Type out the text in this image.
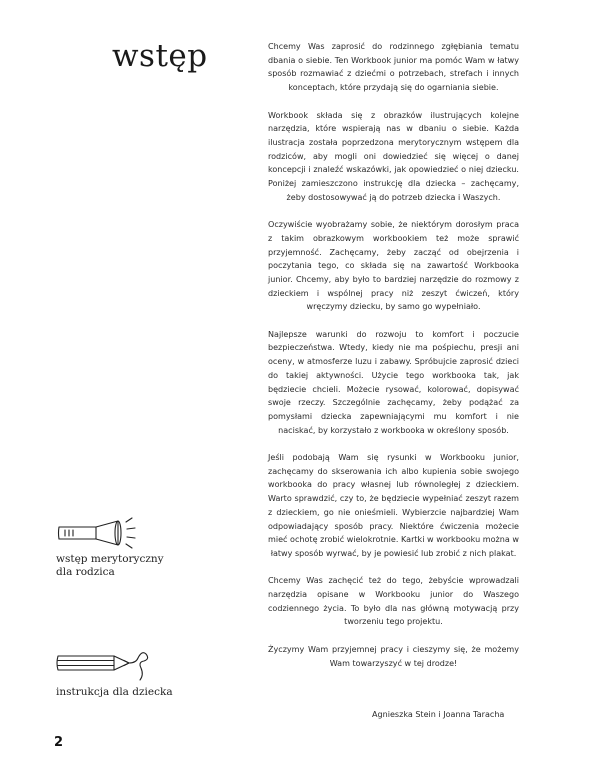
wstęp
wstęp merytoryczny
dla rodzica
instrukcja dla dziecka
2

Chcemy Was zaprosić do rodzinnego zgłębiania tematu dbania o siebie. Ten Workbook junior ma pomóc Wam w łatwy sposób rozmawiać z dziećmi o potrzebach, strefach i innych konceptach, które przydają się do ogarniania siebie.

Workbook składa się z obrazków ilustrujących kolejne narzędzia, które wspierają nas w dbaniu o siebie. Każda ilustracja została poprzedzona merytorycznym wstępem dla rodziców, aby mogli oni dowiedzieć się więcej o danej koncepcji i znaleźć wskazówki, jak opowiedzieć o niej dziecku. Poniżej zamieszczono instrukcję dla dziecka – zachęcamy, żeby dostosowywać ją do potrzeb dziecka i Waszych.

Oczywiście wyobrażamy sobie, że niektórym dorosłym praca z takim obrazkowym workbookiem też może sprawić przyjemność. Zachęcamy, żeby zacząć od obejrzenia i poczytania tego, co składa się na zawartość Workbooka junior. Chcemy, aby było to bardziej narzędzie do rozmowy z dzieckiem i wspólnej pracy niż zeszyt ćwiczeń, który wręczymy dziecku, by samo go wypełniało.

Najlepsze warunki do rozwoju to komfort i poczucie bezpieczeństwa. Wtedy, kiedy nie ma pośpiechu, presji ani oceny, w atmosferze luzu i zabawy. Spróbujcie zaprosić dzieci do takiej aktywności. Użycie tego workbooka tak, jak będziecie chcieli. Możecie rysować, kolorować, dopisywać swoje rzeczy. Szczególnie zachęcamy, żeby podążać za pomysłami dziecka zapewniającymi mu komfort i nie naciskać, by korzystało z workbooka w określony sposób.

Jeśli podobają Wam się rysunki w Workbooku junior, zachęcamy do skserowania ich albo kupienia sobie swojego workbooka do pracy własnej lub równoległej z dzieckiem. Warto sprawdzić, czy to, że będziecie wypełniać zeszyt razem z dzieckiem, go nie onieśmieli. Wybierzcie najbardziej Wam odpowiadający sposób pracy. Niektóre ćwiczenia możecie mieć ochotę zrobić wielokrotnie. Kartki w workbooku można w łatwy sposób wyrwać, by je powiesić lub zrobić z nich plakat.

Chcemy Was zachęcić też do tego, żebyście wprowadzali narzędzia opisane w Workbooku junior do Waszego codziennego życia. To było dla nas główną motywacją przy tworzeniu tego projektu.

Życzymy Wam przyjemnej pracy i cieszymy się, że możemy Wam towarzyszyć w tej drodze!

Agnieszka Stein i Joanna Taracha
